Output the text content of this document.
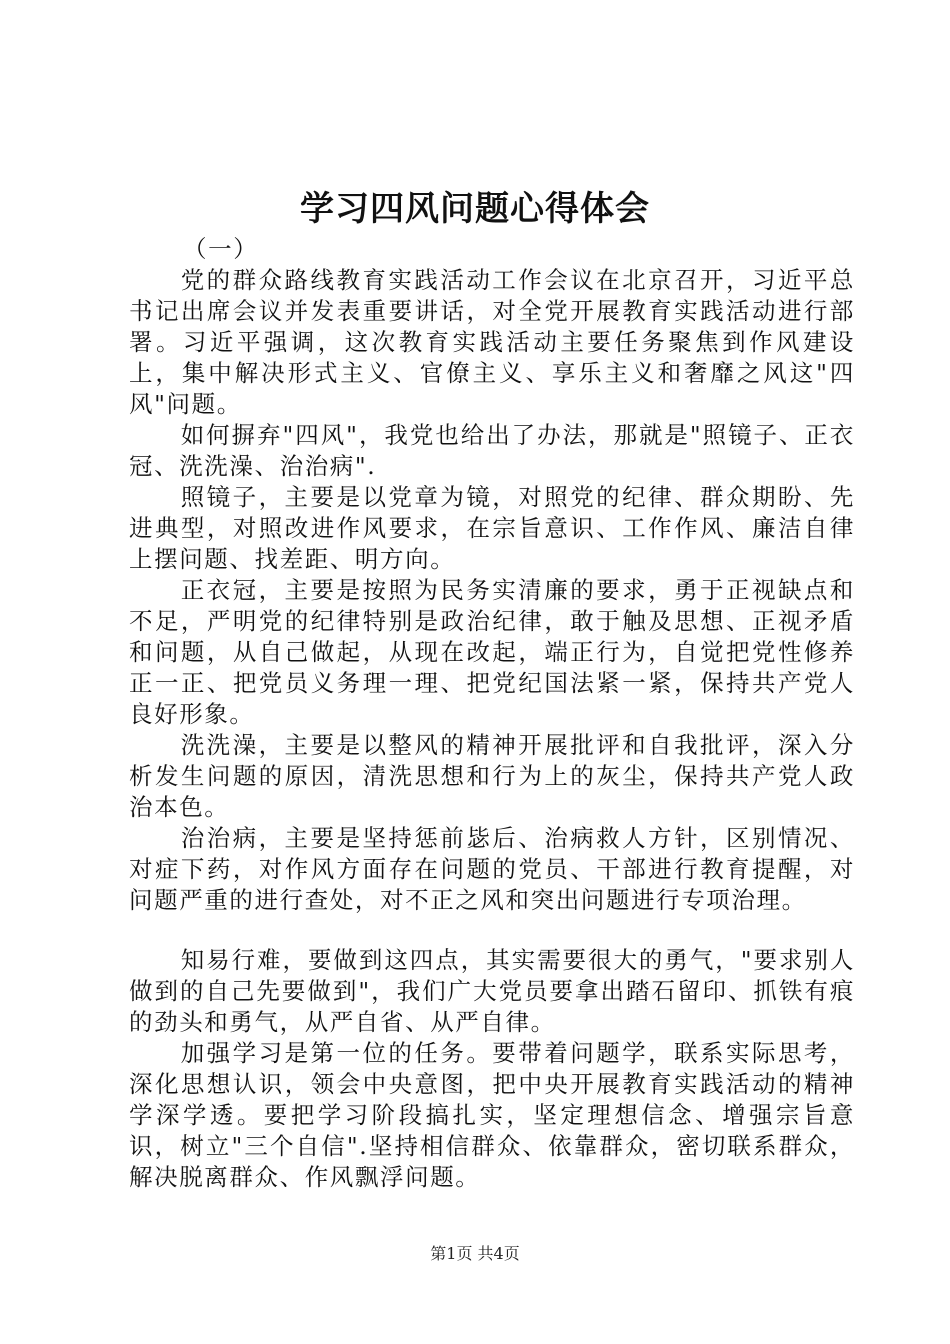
学习四风问题心得体会

（一）

党的群众路线教育实践活动工作会议在北京召开，习近平总书记出席会议并发表重要讲话，对全党开展教育实践活动进行部署。习近平强调，这次教育实践活动主要任务聚焦到作风建设上，集中解决形式主义、官僚主义、享乐主义和奢靡之风这"四风"问题。

如何摒弃"四风"，我党也给出了办法，那就是"照镜子、正衣冠、洗洗澡、治治病".

照镜子，主要是以党章为镜，对照党的纪律、群众期盼、先进典型，对照改进作风要求，在宗旨意识、工作作风、廉洁自律上摆问题、找差距、明方向。

正衣冠，主要是按照为民务实清廉的要求，勇于正视缺点和不足，严明党的纪律特别是政治纪律，敢于触及思想、正视矛盾和问题，从自己做起，从现在改起，端正行为，自觉把党性修养正一正、把党员义务理一理、把党纪国法紧一紧，保持共产党人良好形象。

洗洗澡，主要是以整风的精神开展批评和自我批评，深入分析发生问题的原因，清洗思想和行为上的灰尘，保持共产党人政治本色。

治治病，主要是坚持惩前毖后、治病救人方针，区别情况、对症下药，对作风方面存在问题的党员、干部进行教育提醒，对问题严重的进行查处，对不正之风和突出问题进行专项治理。

知易行难，要做到这四点，其实需要很大的勇气，"要求别人做到的自己先要做到"，我们广大党员要拿出踏石留印、抓铁有痕的劲头和勇气，从严自省、从严自律。

加强学习是第一位的任务。要带着问题学，联系实际思考，深化思想认识，领会中央意图，把中央开展教育实践活动的精神学深学透。要把学习阶段搞扎实，坚定理想信念、增强宗旨意识，树立"三个自信".坚持相信群众、依靠群众，密切联系群众，解决脱离群众、作风飘浮问题。

第1页 共4页
